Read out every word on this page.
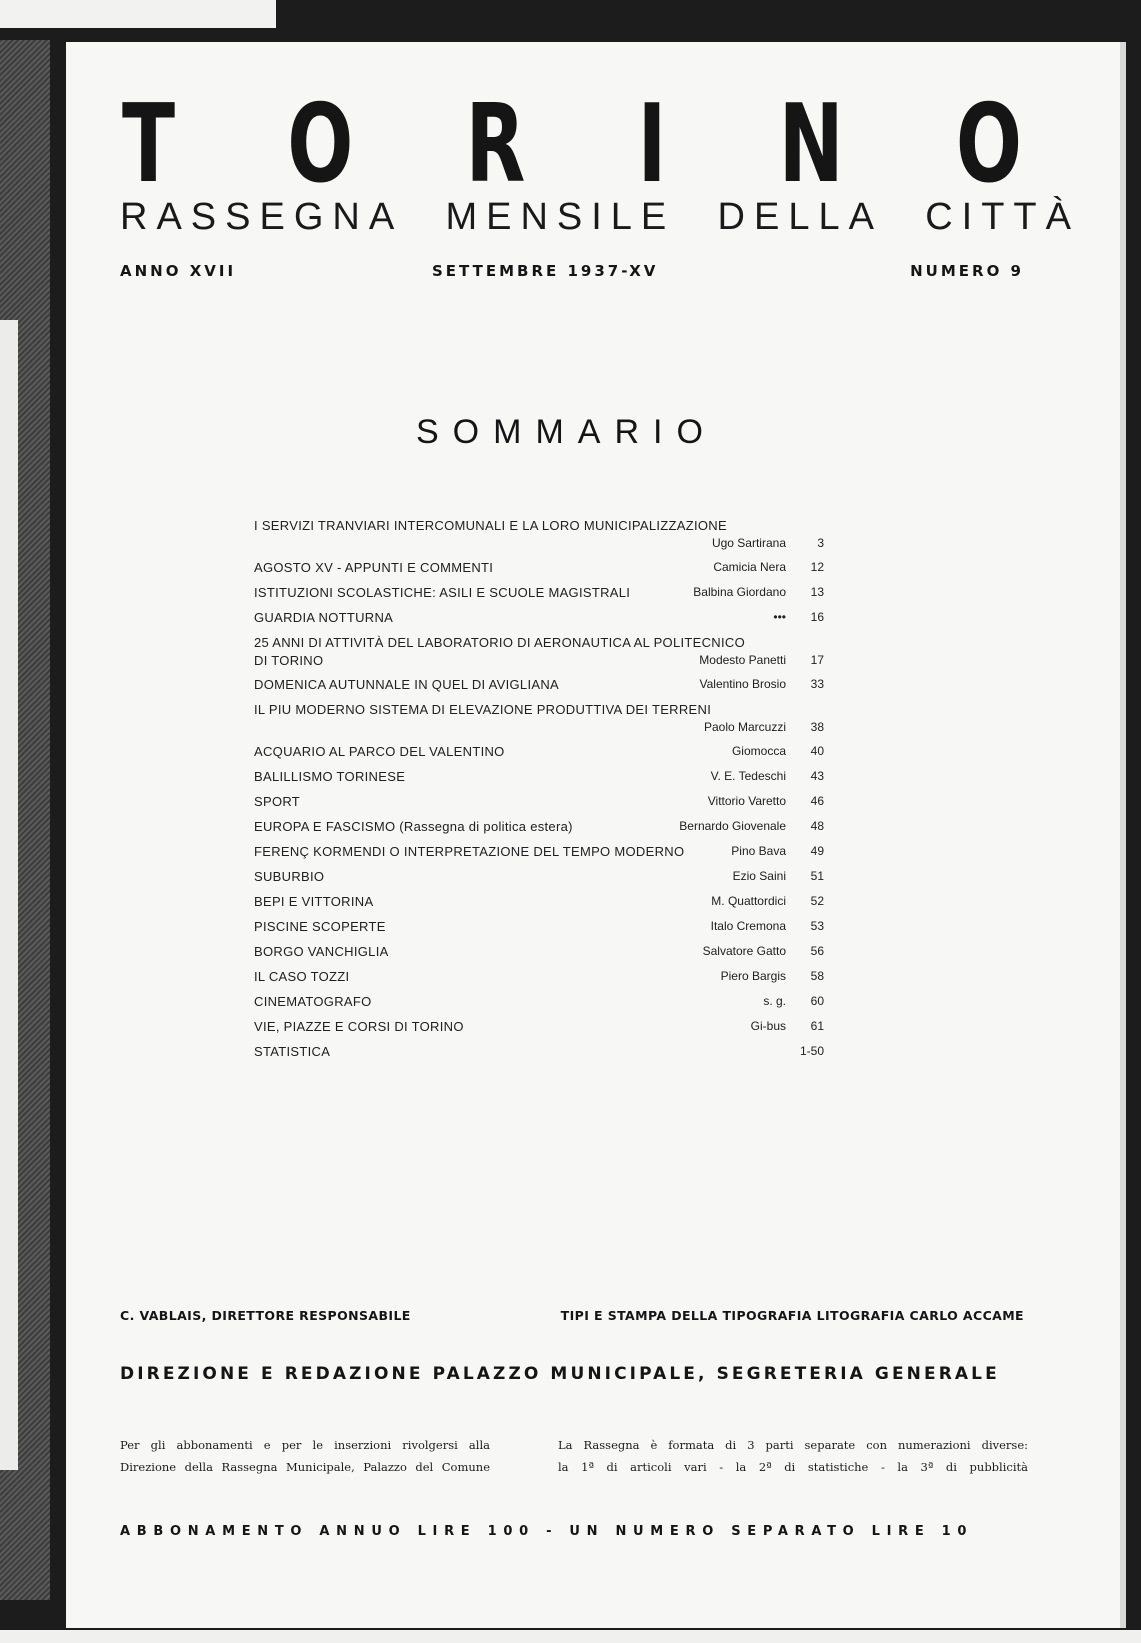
T O R I N O
RASSEGNA MENSILE DELLA CITTÀ
ANNO XVII	SETTEMBRE 1937-XV	NUMERO 9
SOMMARIO
I SERVIZI TRANVIARI INTERCOMUNALI E LA LORO MUNICIPALIZZAZIONE
Ugo Sartirana	3
AGOSTO XV - APPUNTI E COMMENTI	Camicia Nera	12
ISTITUZIONI SCOLASTICHE: ASILI E SCUOLE MAGISTRALI	Balbina Giordano	13
GUARDIA NOTTURNA	•••	16
25 ANNI DI ATTIVITÀ DEL LABORATORIO DI AERONAUTICA AL POLITECNICO
DI TORINO	Modesto Panetti	17
DOMENICA AUTUNNALE IN QUEL DI AVIGLIANA	Valentino Brosio	33
IL PIU MODERNO SISTEMA DI ELEVAZIONE PRODUTTIVA DEI TERRENI
Paolo Marcuzzi	38
ACQUARIO AL PARCO DEL VALENTINO	Giomocca	40
BALILLISMO TORINESE	V. E. Tedeschi	43
SPORT	Vittorio Varetto	46
EUROPA E FASCISMO (Rassegna di politica estera)	Bernardo Giovenale	48
FERENÇ KORMENDI O INTERPRETAZIONE DEL TEMPO MODERNO	Pino Bava	49
SUBURBIO	Ezio Saini	51
BEPI E VITTORINA	M. Quattordici	52
PISCINE SCOPERTE	Italo Cremona	53
BORGO VANCHIGLIA	Salvatore Gatto	56
IL CASO TOZZI	Piero Bargis	58
CINEMATOGRAFO	s. g.	60
VIE, PIAZZE E CORSI DI TORINO	Gi-bus	61
STATISTICA	1-50
C. VABLAIS, DIRETTORE RESPONSABILE	TIPI E STAMPA DELLA TIPOGRAFIA LITOGRAFIA CARLO ACCAME
DIREZIONE E REDAZIONE PALAZZO MUNICIPALE, SEGRETERIA GENERALE
Per gli abbonamenti e per le inserzioni rivolgersi alla
Direzione della Rassegna Municipale, Palazzo del Comune
La Rassegna è formata di 3 parti separate con numerazioni diverse:
la 1ª di articoli vari - la 2ª di statistiche - la 3ª di pubblicità
ABBONAMENTO ANNUO LIRE 100 - UN NUMERO SEPARATO LIRE 10
